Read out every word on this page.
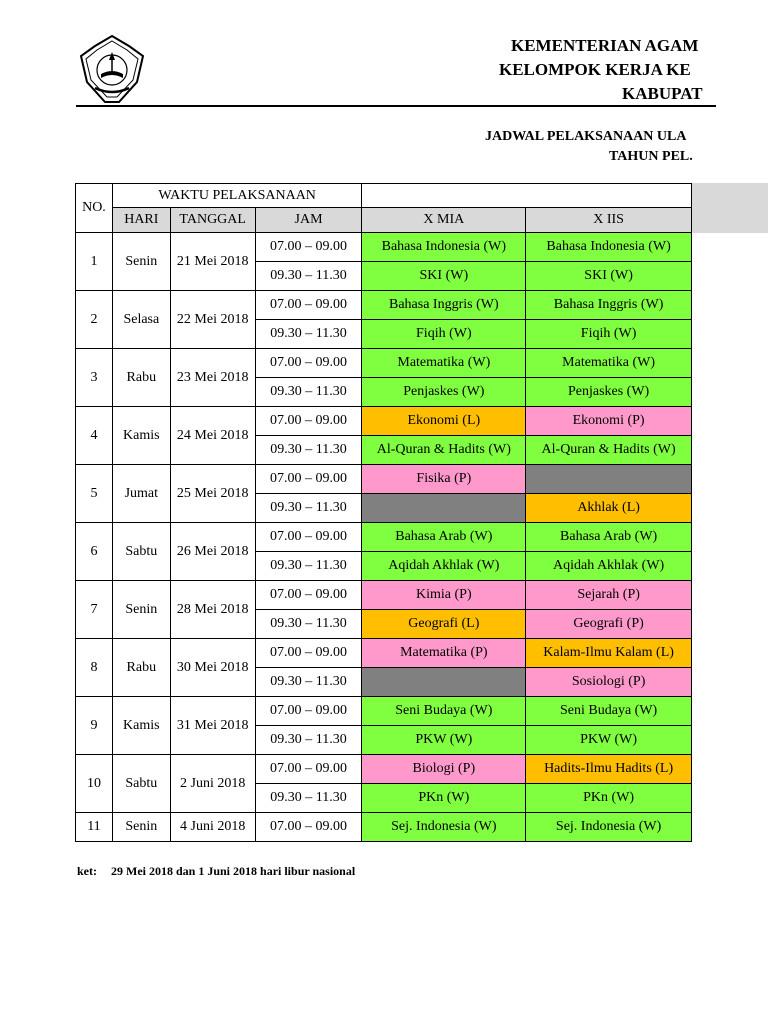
KEMENTERIAN AGAM
KELOMPOK KERJA KE
KABUPAT
JADWAL PELAKSANAAN ULA
TAHUN PEL.
NO.	WAKTU PELAKSANAAN				
	HARI	TANGGAL	JAM	X MIA	X IIS
1	Senin	21 Mei 2018	07.00 – 09.00	Bahasa Indonesia (W)	Bahasa Indonesia (W)
			09.30 – 11.30	SKI (W)	SKI (W)
2	Selasa	22 Mei 2018	07.00 – 09.00	Bahasa Inggris (W)	Bahasa Inggris (W)
			09.30 – 11.30	Fiqih (W)	Fiqih (W)
3	Rabu	23 Mei 2018	07.00 – 09.00	Matematika (W)	Matematika (W)
			09.30 – 11.30	Penjaskes (W)	Penjaskes (W)
4	Kamis	24 Mei 2018	07.00 – 09.00	Ekonomi (L)	Ekonomi (P)
			09.30 – 11.30	Al-Quran & Hadits (W)	Al-Quran & Hadits (W)
5	Jumat	25 Mei 2018	07.00 – 09.00	Fisika (P)	
			09.30 – 11.30		Akhlak (L)
6	Sabtu	26 Mei 2018	07.00 – 09.00	Bahasa Arab (W)	Bahasa Arab (W)
			09.30 – 11.30	Aqidah Akhlak (W)	Aqidah Akhlak (W)
7	Senin	28 Mei 2018	07.00 – 09.00	Kimia (P)	Sejarah (P)
			09.30 – 11.30	Geografi (L)	Geografi (P)
8	Rabu	30 Mei 2018	07.00 – 09.00	Matematika (P)	Kalam-Ilmu Kalam (L)
			09.30 – 11.30		Sosiologi (P)
9	Kamis	31 Mei 2018	07.00 – 09.00	Seni Budaya (W)	Seni Budaya (W)
			09.30 – 11.30	PKW (W)	PKW (W)
10	Sabtu	2 Juni 2018	07.00 – 09.00	Biologi (P)	Hadits-Ilmu Hadits (L)
			09.30 – 11.30	PKn (W)	PKn (W)
11	Senin	4 Juni 2018	07.00 – 09.00	Sej. Indonesia (W)	Sej. Indonesia (W)
ket: 29 Mei 2018 dan 1 Juni 2018 hari libur nasional
